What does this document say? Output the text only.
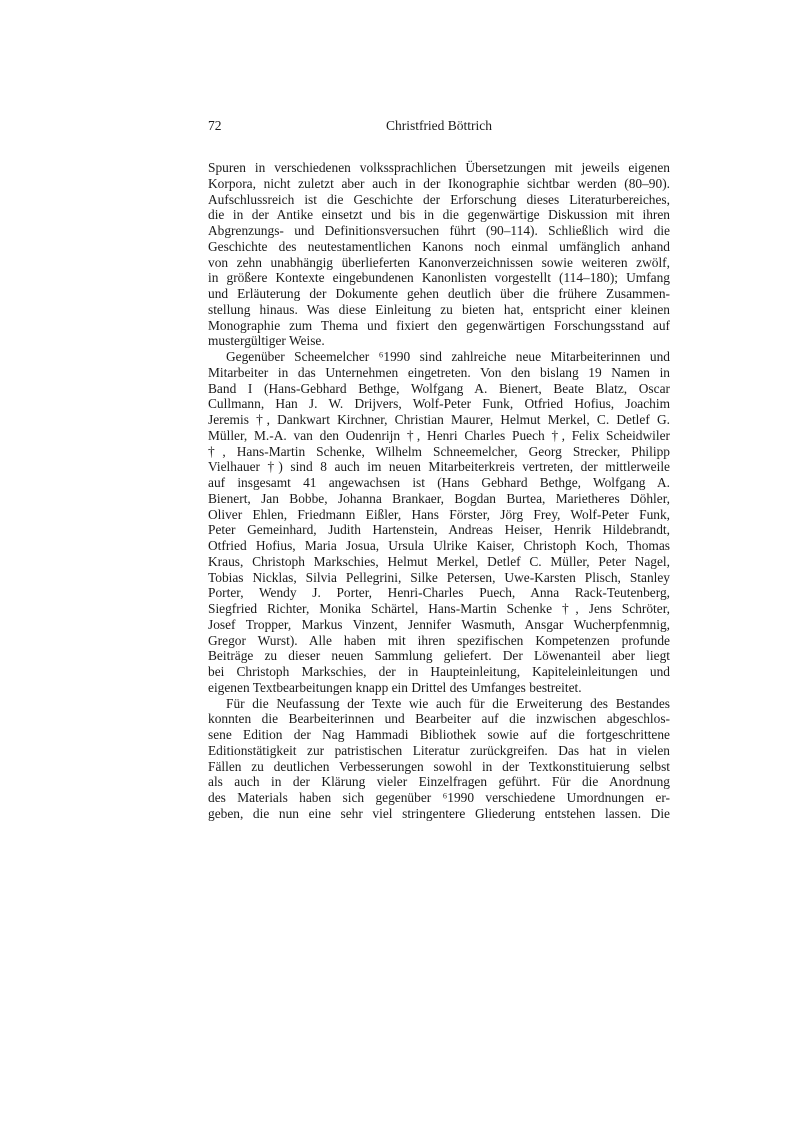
72	Christfried Böttrich
Spuren in verschiedenen volkssprachlichen Übersetzungen mit jeweils eigenen
Korpora, nicht zuletzt aber auch in der Ikonographie sichtbar werden (80–90).
Aufschlussreich ist die Geschichte der Erforschung dieses Literaturbereiches,
die in der Antike einsetzt und bis in die gegenwärtige Diskussion mit ihren
Abgrenzungs- und Definitionsversuchen führt (90–114). Schließlich wird die
Geschichte des neutestamentlichen Kanons noch einmal umfänglich anhand
von zehn unabhängig überlieferten Kanonverzeichnissen sowie weiteren zwölf,
in größere Kontexte eingebundenen Kanonlisten vorgestellt (114–180); Umfang
und Erläuterung der Dokumente gehen deutlich über die frühere Zusammen-
stellung hinaus. Was diese Einleitung zu bieten hat, entspricht einer kleinen
Monographie zum Thema und fixiert den gegenwärtigen Forschungsstand auf
mustergültiger Weise.
Gegenüber Scheemelcher ⁶1990 sind zahlreiche neue Mitarbeiterinnen und
Mitarbeiter in das Unternehmen eingetreten. Von den bislang 19 Namen in
Band I (Hans-Gebhard Bethge, Wolfgang A. Bienert, Beate Blatz, Oscar
Cullmann, Han J. W. Drijvers, Wolf-Peter Funk, Otfried Hofius, Joachim
Jeremis †, Dankwart Kirchner, Christian Maurer, Helmut Merkel, C. Detlef G.
Müller, M.-A. van den Oudenrijn †, Henri Charles Puech †, Felix Scheidwiler
†, Hans-Martin Schenke, Wilhelm Schneemelcher, Georg Strecker, Philipp
Vielhauer †) sind 8 auch im neuen Mitarbeiterkreis vertreten, der mittlerweile
auf insgesamt 41 angewachsen ist (Hans Gebhard Bethge, Wolfgang A.
Bienert, Jan Bobbe, Johanna Brankaer, Bogdan Burtea, Marietheres Döhler,
Oliver Ehlen, Friedmann Eißler, Hans Förster, Jörg Frey, Wolf-Peter Funk,
Peter Gemeinhard, Judith Hartenstein, Andreas Heiser, Henrik Hildebrandt,
Otfried Hofius, Maria Josua, Ursula Ulrike Kaiser, Christoph Koch, Thomas
Kraus, Christoph Markschies, Helmut Merkel, Detlef C. Müller, Peter Nagel,
Tobias Nicklas, Silvia Pellegrini, Silke Petersen, Uwe-Karsten Plisch, Stanley
Porter, Wendy J. Porter, Henri-Charles Puech, Anna Rack-Teutenberg,
Siegfried Richter, Monika Schärtel, Hans-Martin Schenke †, Jens Schröter,
Josef Tropper, Markus Vinzent, Jennifer Wasmuth, Ansgar Wucherpfenmnig,
Gregor Wurst). Alle haben mit ihren spezifischen Kompetenzen profunde
Beiträge zu dieser neuen Sammlung geliefert. Der Löwenanteil aber liegt
bei Christoph Markschies, der in Haupteinleitung, Kapiteleinleitungen und
eigenen Textbearbeitungen knapp ein Drittel des Umfanges bestreitet.
Für die Neufassung der Texte wie auch für die Erweiterung des Bestandes
konnten die Bearbeiterinnen und Bearbeiter auf die inzwischen abgeschlos-
sene Edition der Nag Hammadi Bibliothek sowie auf die fortgeschrittene
Editionstätigkeit zur patristischen Literatur zurückgreifen. Das hat in vielen
Fällen zu deutlichen Verbesserungen sowohl in der Textkonstituierung selbst
als auch in der Klärung vieler Einzelfragen geführt. Für die Anordnung
des Materials haben sich gegenüber ⁶1990 verschiedene Umordnungen er-
geben, die nun eine sehr viel stringentere Gliederung entstehen lassen. Die
